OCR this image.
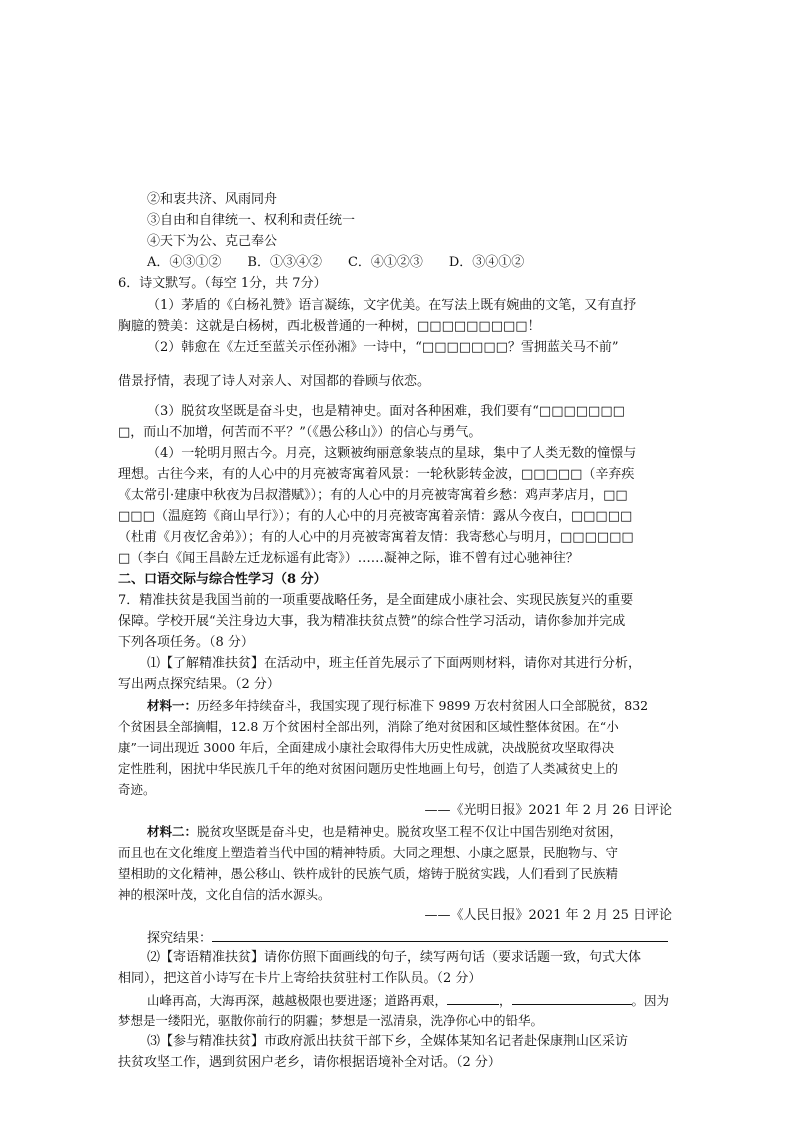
②和衷共济、风雨同舟
③自由和自律统一、权利和责任统一
④天下为公、克己奉公
A．④③①②　　B．①③④②　　C．④①②③　　D．③④①②
6．诗文默写。（每空 1分，共 7分）
（1）茅盾的《白杨礼赞》语言凝练，文字优美。在写法上既有婉曲的文笔，又有直抒
胸臆的赞美：这就是白杨树，西北极普通的一种树，□□□□□□□□□！
（2）韩愈在《左迁至蓝关示侄孙湘》一诗中，“□□□□□□□？雪拥蓝关马不前”
借景抒情，表现了诗人对亲人、对国都的眷顾与依恋。
（3）脱贫攻坚既是奋斗史，也是精神史。面对各种困难，我们要有“□□□□□□□
□，而山不加增，何苦而不平？”（《愚公移山》）的信心与勇气。
（4）一轮明月照古今。月亮，这颗被绚丽意象装点的星球，集中了人类无数的憧憬与
理想。古往今来，有的人心中的月亮被寄寓着风景：一轮秋影转金波，□□□□□（辛弃疾
《太常引·建康中秋夜为吕叔潜赋》）；有的人心中的月亮被寄寓着乡愁：鸡声茅店月，□□
□□□（温庭筠《商山早行》）；有的人心中的月亮被寄寓着亲情：露从今夜白，□□□□□
（杜甫《月夜忆舍弟》）；有的人心中的月亮被寄寓着友情：我寄愁心与明月，□□□□□□
□（李白《闻王昌龄左迁龙标遥有此寄》）……凝神之际，谁不曾有过心驰神往？
二、口语交际与综合性学习（8 分）
7．精准扶贫是我国当前的一项重要战略任务，是全面建成小康社会、实现民族复兴的重要
保障。学校开展“关注身边大事，我为精准扶贫点赞”的综合性学习活动，请你参加并完成
下列各项任务。（8 分）
⑴【了解精准扶贫】在活动中，班主任首先展示了下面两则材料，请你对其进行分析，
写出两点探究结果。（2 分）
材料一：历经多年持续奋斗，我国实现了现行标准下 9899 万农村贫困人口全部脱贫，832
个贫困县全部摘帽，12.8 万个贫困村全部出列，消除了绝对贫困和区域性整体贫困。在“小
康”一词出现近 3000 年后，全面建成小康社会取得伟大历史性成就，决战脱贫攻坚取得决
定性胜利，困扰中华民族几千年的绝对贫困问题历史性地画上句号，创造了人类减贫史上的
奇迹。
——《光明日报》2021 年 2 月 26 日评论
材料二：脱贫攻坚既是奋斗史，也是精神史。脱贫攻坚工程不仅让中国告别绝对贫困，
而且也在文化维度上塑造着当代中国的精神特质。大同之理想、小康之愿景，民胞物与、守
望相助的文化精神，愚公移山、铁杵成针的民族气质，熔铸于脱贫实践，人们看到了民族精
神的根深叶茂，文化自信的活水源头。
——《人民日报》2021 年 2 月 25 日评论
探究结果：
⑵【寄语精准扶贫】请你仿照下面画线的句子，续写两句话（要求话题一致，句式大体
相同），把这首小诗写在卡片上寄给扶贫驻村工作队员。（2 分）
山峰再高，大海再深，越越极限也要进逐；道路再艰，	，	。因为
梦想是一缕阳光，驱散你前行的阴霾；梦想是一泓清泉，洗净你心中的铅华。
⑶【参与精准扶贫】市政府派出扶贫干部下乡，全媒体某知名记者赴保康荆山区采访
扶贫攻坚工作，遇到贫困户老乡，请你根据语境补全对话。（2 分）
